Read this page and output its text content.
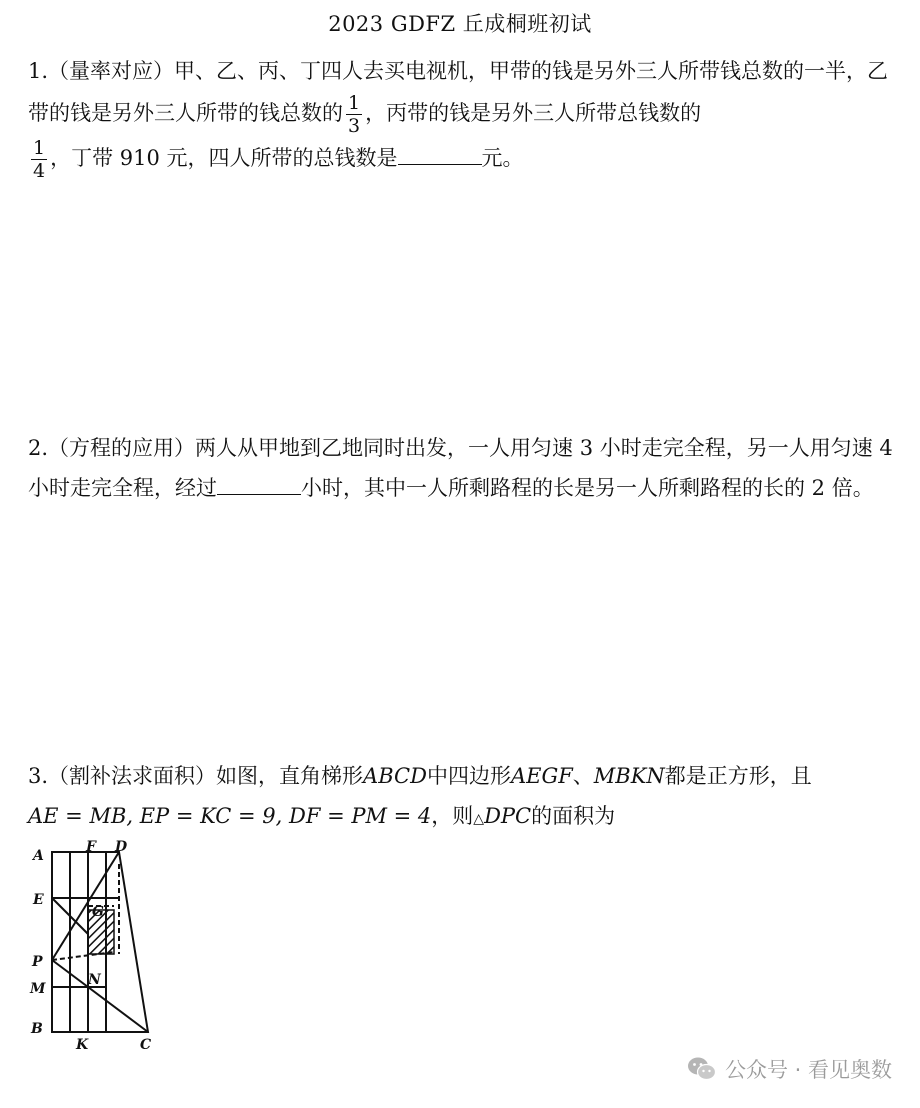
2023 GDFZ 丘成桐班初试
1.（量率对应）甲、乙、丙、丁四人去买电视机，甲带的钱是另外三人所带钱总数的一半，乙带的钱是另外三人所带的钱总数的 $\frac{1}{3}$ ，丙带的钱是另外三人所带总钱数的

$\frac{1}{4}$ ，丁带 910 元，四人所带的总钱数是	元。
2.（方程的应用）两人从甲地到乙地同时出发，一人用匀速 3 小时走完全程，另一人用匀速 4 小时走完全程，经过	小时，其中一人所剩路程的长是另一人所剩路程的长的 2 倍。
3.（割补法求面积）如图，直角梯形ABCD中四边形AEGF、MBKN都是正方形，且
AE = MB, EP = KC = 9, DF = PM = 4，则△DPC的面积为
A
F D
E
G
P
N
M
B
K	C
公众号 · 看见奥数
